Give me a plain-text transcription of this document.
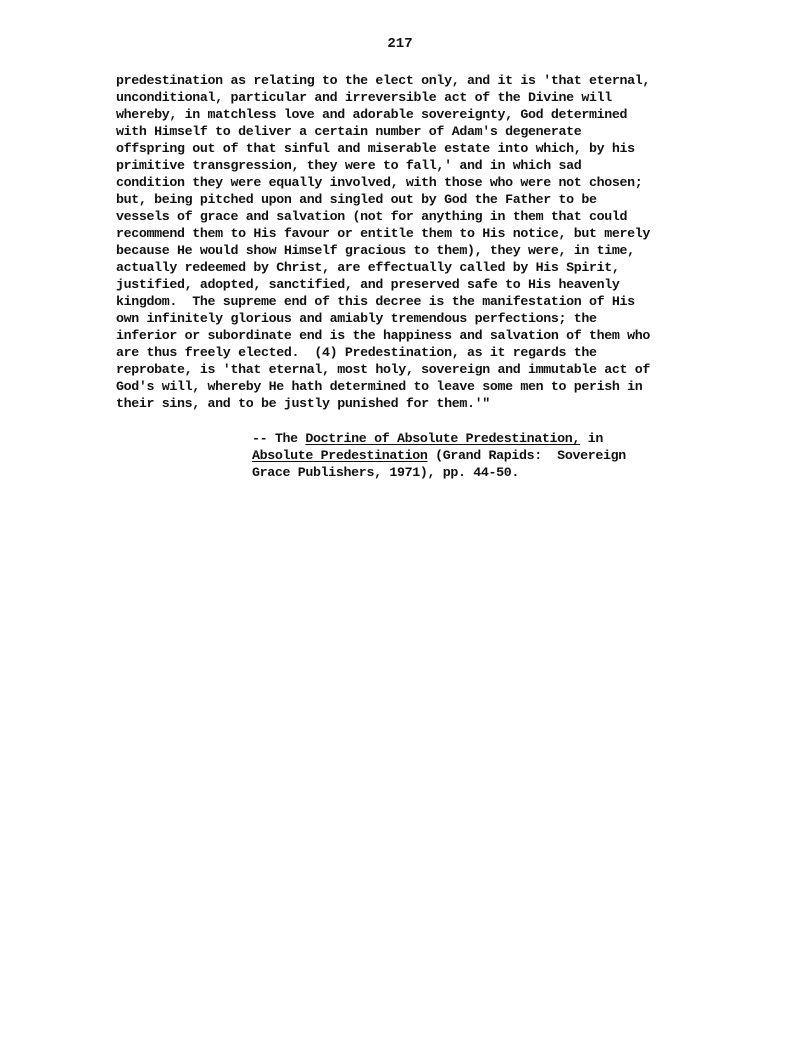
217
predestination as relating to the elect only, and it is 'that eternal,
unconditional, particular and irreversible act of the Divine will
whereby, in matchless love and adorable sovereignty, God determined
with Himself to deliver a certain number of Adam's degenerate
offspring out of that sinful and miserable estate into which, by his
primitive transgression, they were to fall,' and in which sad
condition they were equally involved, with those who were not chosen;
but, being pitched upon and singled out by God the Father to be
vessels of grace and salvation (not for anything in them that could
recommend them to His favour or entitle them to His notice, but merely
because He would show Himself gracious to them), they were, in time,
actually redeemed by Christ, are effectually called by His Spirit,
justified, adopted, sanctified, and preserved safe to His heavenly
kingdom.  The supreme end of this decree is the manifestation of His
own infinitely glorious and amiably tremendous perfections; the
inferior or subordinate end is the happiness and salvation of them who
are thus freely elected.  (4) Predestination, as it regards the
reprobate, is 'that eternal, most holy, sovereign and immutable act of
God's will, whereby He hath determined to leave some men to perish in
their sins, and to be justly punished for them.'"
-- The Doctrine of Absolute Predestination, in
Absolute Predestination (Grand Rapids:  Sovereign
Grace Publishers, 1971), pp. 44-50.
